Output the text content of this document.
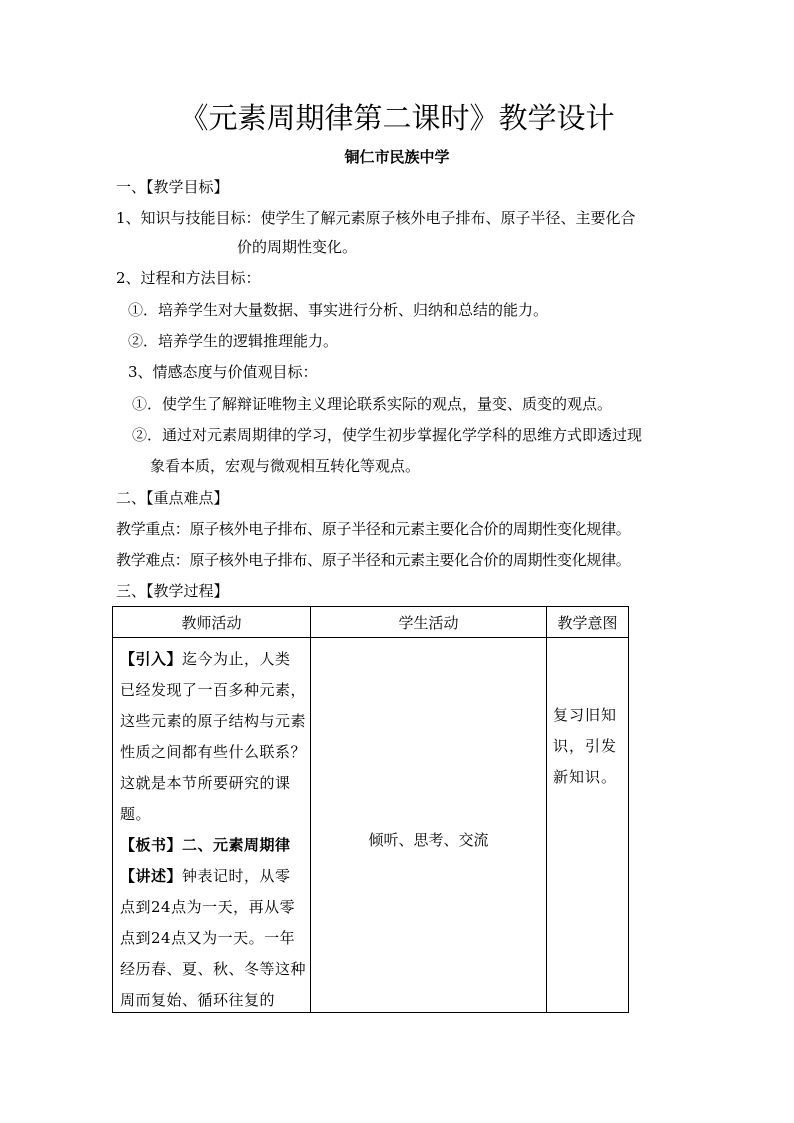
《元素周期律第二课时》教学设计
铜仁市民族中学
一、【教学目标】
1、知识与技能目标：使学生了解元素原子核外电子排布、原子半径、主要化合
价的周期性变化。
2、过程和方法目标：
①．培养学生对大量数据、事实进行分析、归纳和总结的能力。
②．培养学生的逻辑推理能力。
3、情感态度与价值观目标：
①．使学生了解辩证唯物主义理论联系实际的观点，量变、质变的观点。
②．通过对元素周期律的学习，使学生初步掌握化学学科的思维方式即透过现
象看本质，宏观与微观相互转化等观点。
二、【重点难点】
教学重点：原子核外电子排布、原子半径和元素主要化合价的周期性变化规律。
教学难点：原子核外电子排布、原子半径和元素主要化合价的周期性变化规律。
三、【教学过程】
教师活动	学生活动	教学意图

【引入】迄今为止，人类已经发现了一百多种元素，这些元素的原子结构与元素性质之间都有些什么联系？这就是本节所要研究的课题。
【板书】二、元素周期律
【讲述】钟表记时，从零点到24点为一天，再从零点到24点又为一天。一年经历春、夏、秋、冬等这种周而复始、循环往复的	倾听、思考、交流	复习旧知识，引发新知识。
